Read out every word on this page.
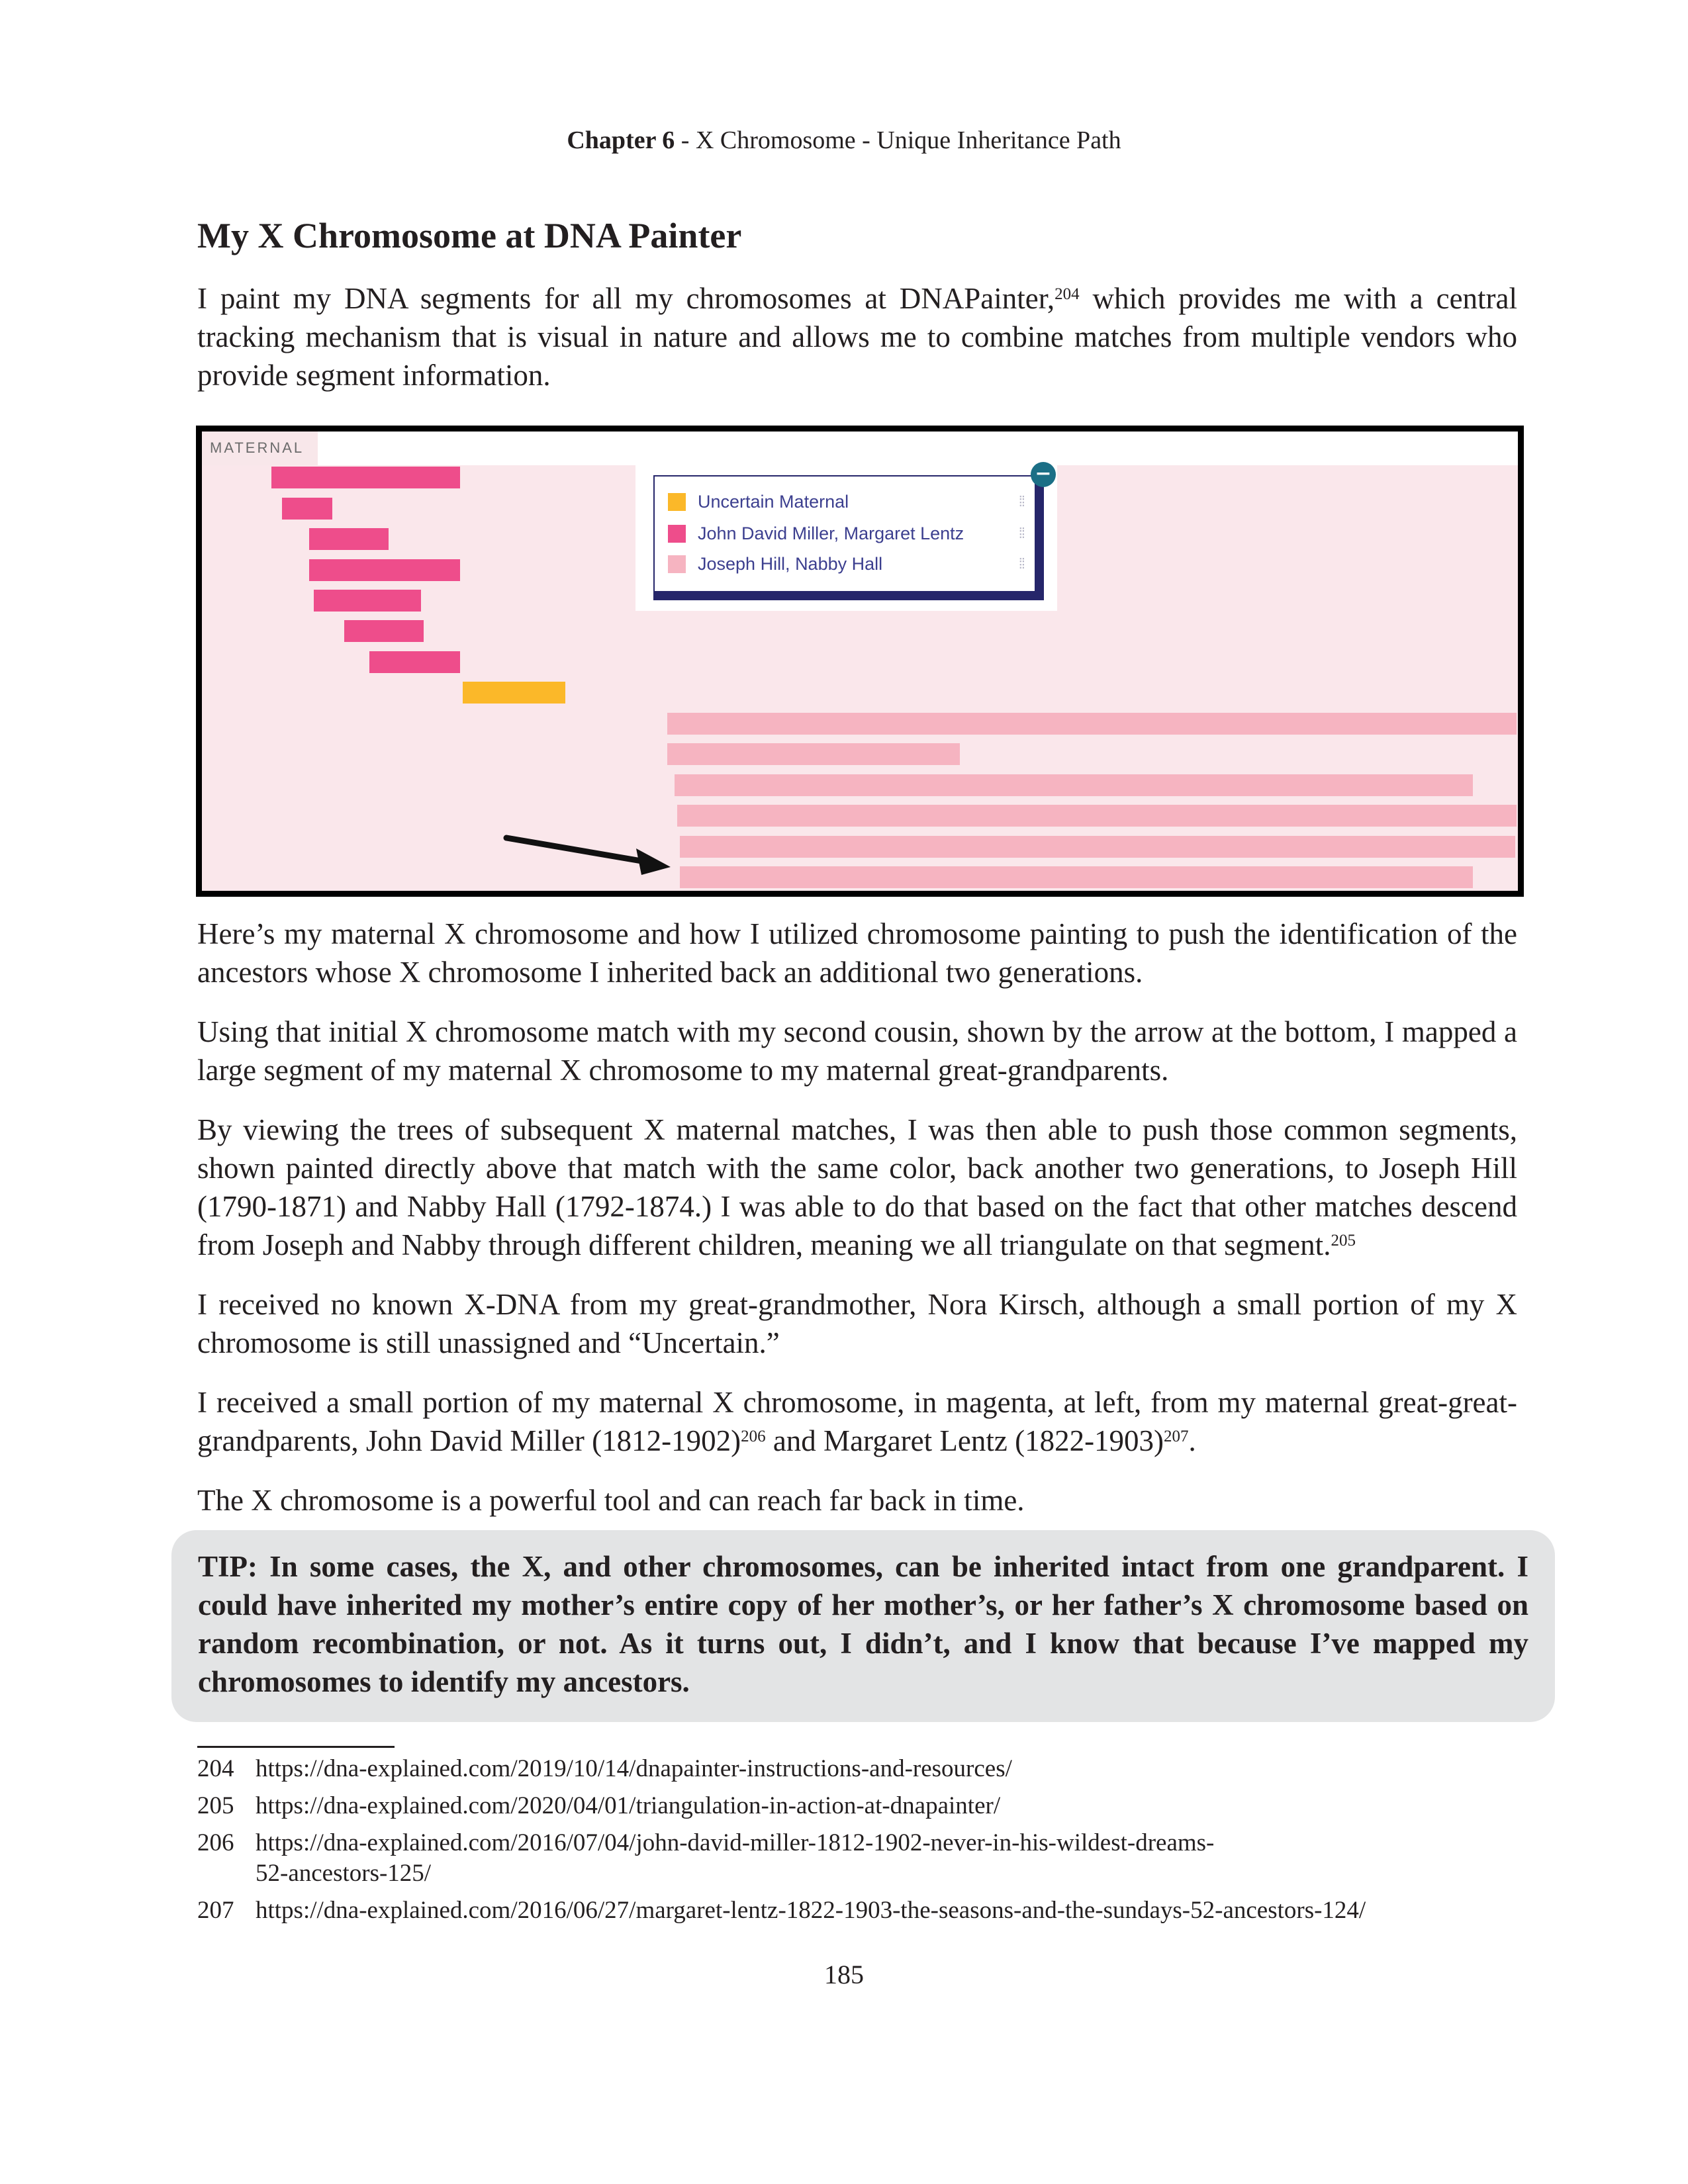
Chapter 6 - X Chromosome - Unique Inheritance Path
My X Chromosome at DNA Painter

I paint my DNA segments for all my chromosomes at DNAPainter,$^{204}$ which provides me with a central tracking mechanism that is visual in nature and allows me to combine matches from multiple vendors who provide segment information.

MATERNAL
Uncertain Maternal	⁞⁞
John David Miller, Margaret Lentz	⁞⁞
Joseph Hill, Nabby Hall	⁞⁞
−

Here’s my maternal X chromosome and how I utilized chromosome painting to push the identification of the ancestors whose X chromosome I inherited back an additional two generations.

Using that initial X chromosome match with my second cousin, shown by the arrow at the bottom, I mapped a large segment of my maternal X chromosome to my maternal great-grandparents.

By viewing the trees of subsequent X maternal matches, I was then able to push those common segments, shown painted directly above that match with the same color, back another two generations, to Joseph Hill (1790-1871) and Nabby Hall (1792-1874.) I was able to do that based on the fact that other matches descend from Joseph and Nabby through different children, meaning we all triangulate on that segment.$^{205}$

I received no known X-DNA from my great-grandmother, Nora Kirsch, although a small portion of my X chromosome is still unassigned and “Uncertain.”

I received a small portion of my maternal X chromosome, in magenta, at left, from my maternal great-great-grandparents, John David Miller (1812-1902)$^{206}$ and Margaret Lentz (1822-1903)$^{207}$.

The X chromosome is a powerful tool and can reach far back in time.

TIP: In some cases, the X, and other chromosomes, can be inherited intact from one grandparent. I could have inherited my mother’s entire copy of her mother’s, or her father’s X chromosome based on random recombination, or not. As it turns out, I didn’t, and I know that because I’ve mapped my chromosomes to identify my ancestors.

204 https://dna-explained.com/2019/10/14/dnapainter-instructions-and-resources/
205 https://dna-explained.com/2020/04/01/triangulation-in-action-at-dnapainter/
206 https://dna-explained.com/2016/07/04/john-david-miller-1812-1902-never-in-his-wildest-dreams-
52-ancestors-125/
207 https://dna-explained.com/2016/06/27/margaret-lentz-1822-1903-the-seasons-and-the-sundays-52-ancestors-124/
185
